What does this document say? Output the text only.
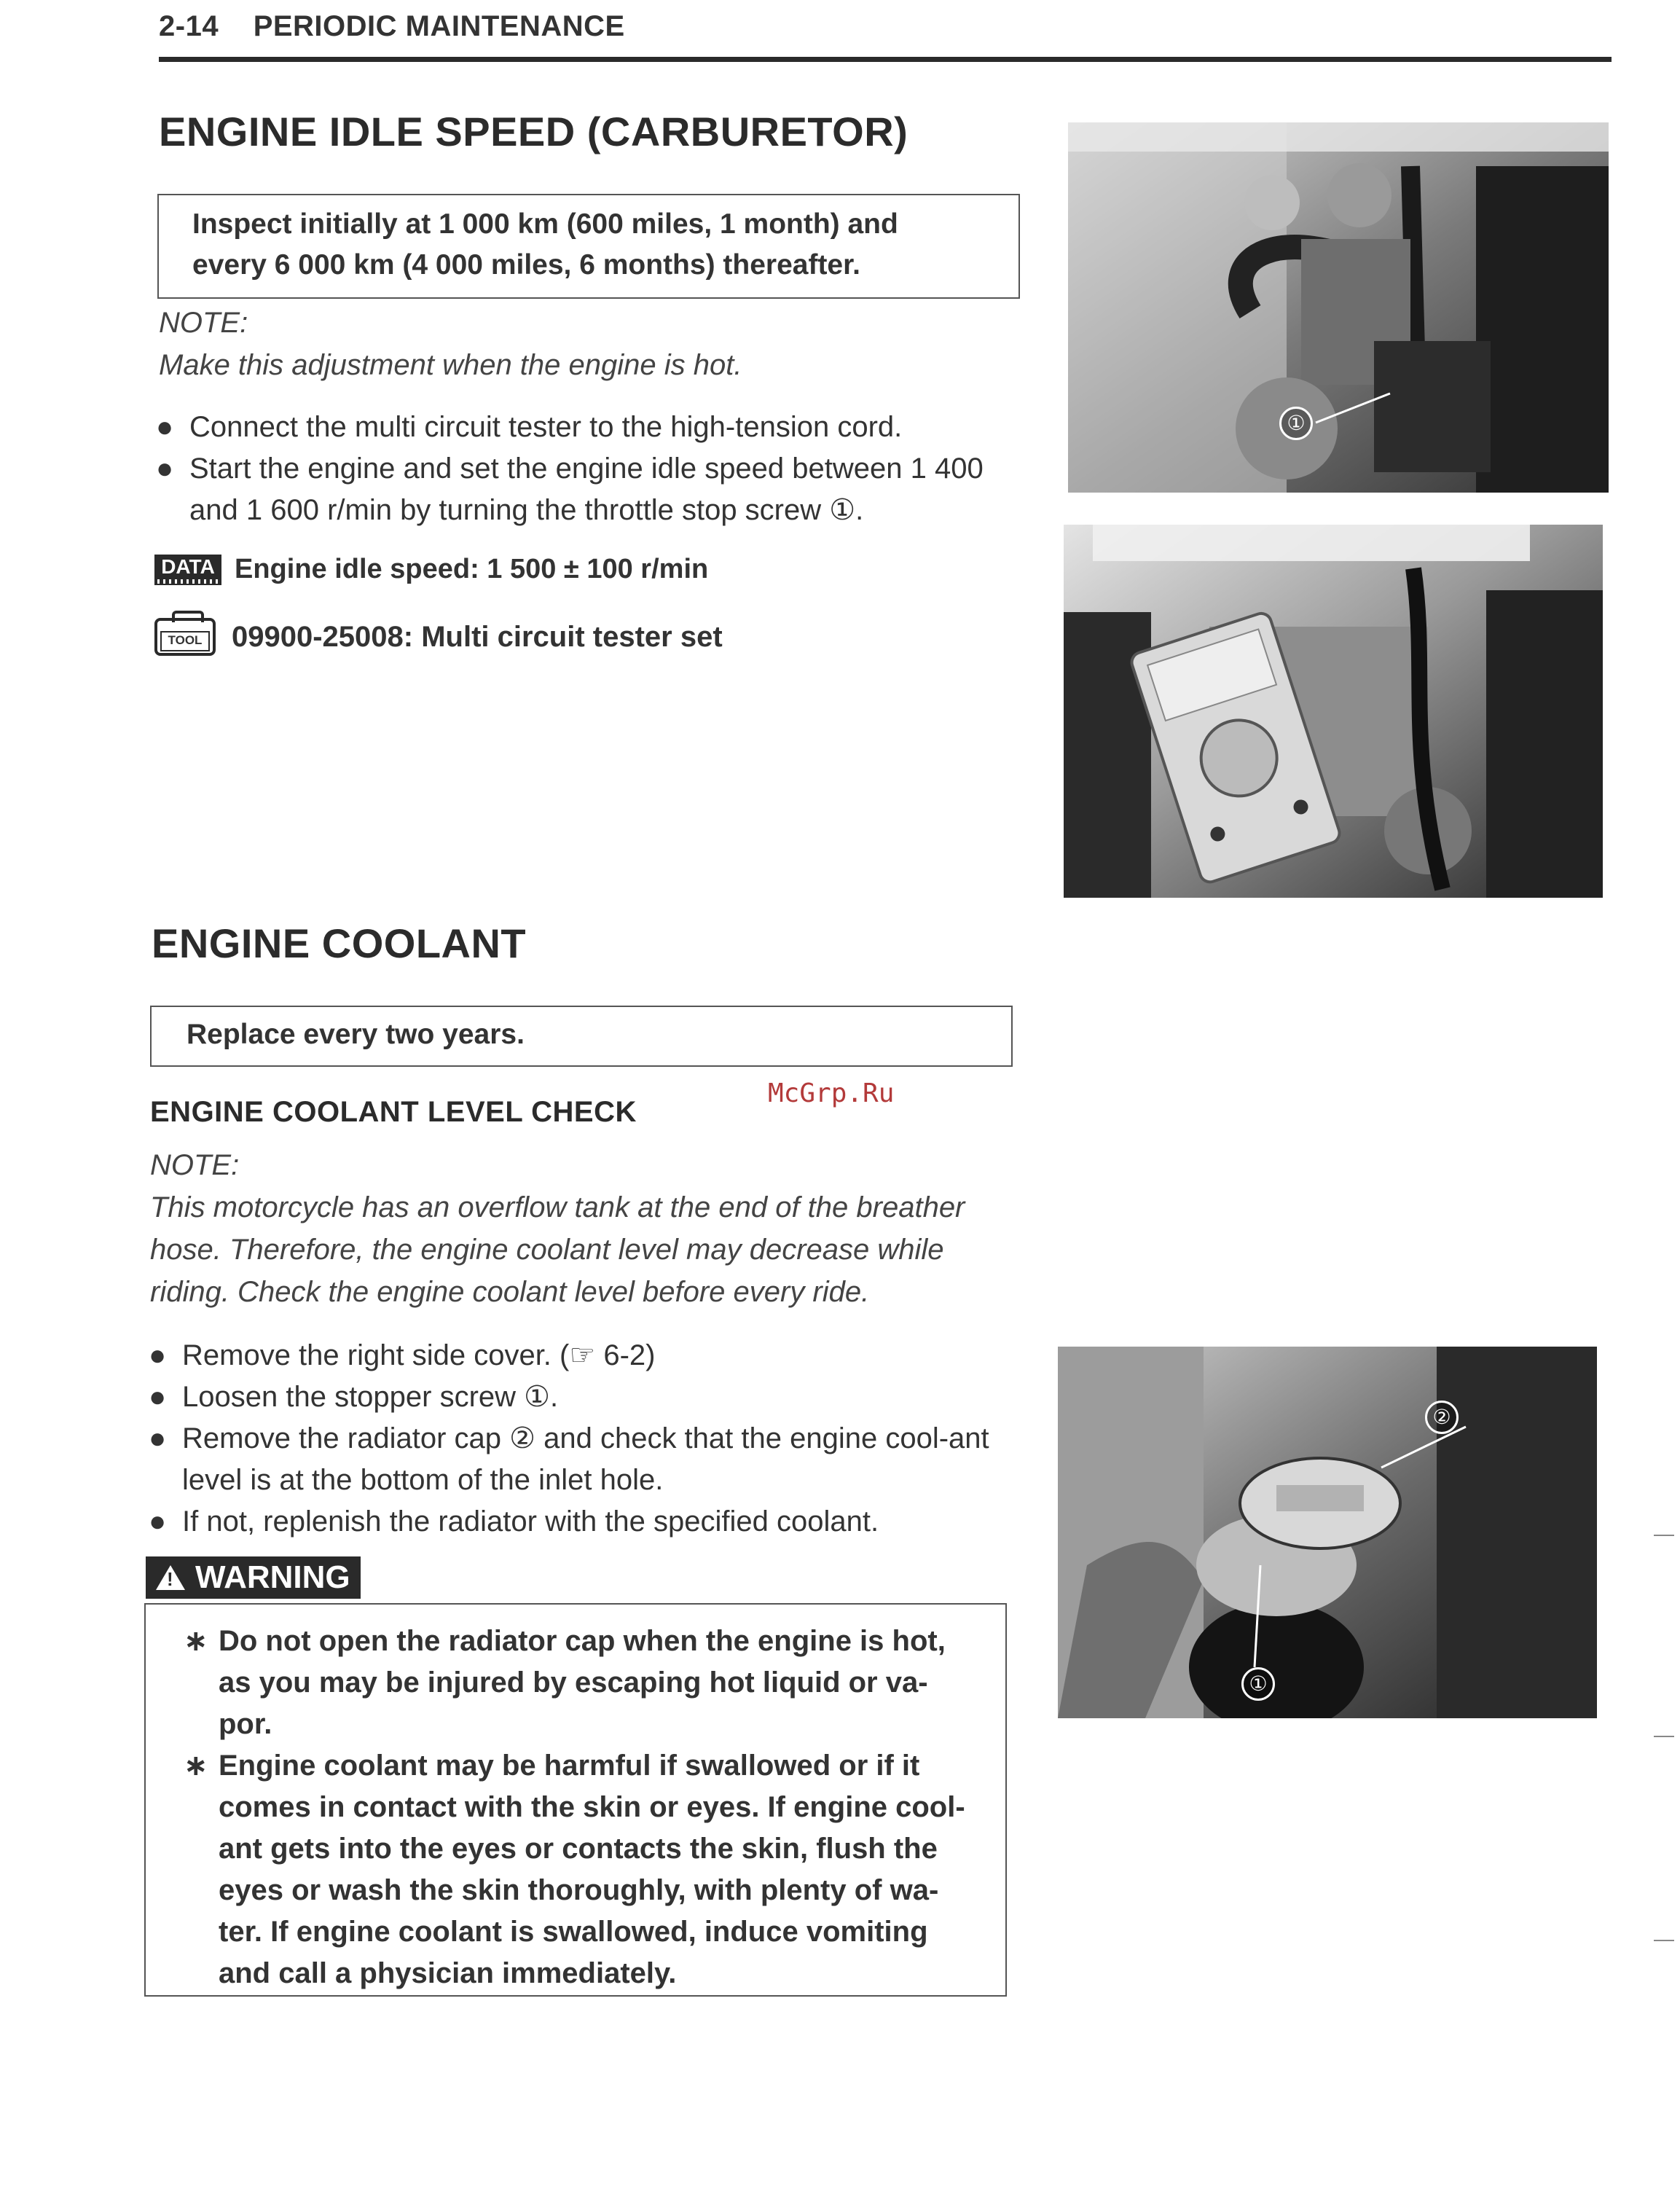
2-14 PERIODIC MAINTENANCE
ENGINE IDLE SPEED (CARBURETOR)
Inspect initially at 1 000 km (600 miles, 1 month) and
every 6 000 km (4 000 miles, 6 months) thereafter.
NOTE:
Make this adjustment when the engine is hot.
● Connect the multi circuit tester to the high-tension cord.
● Start the engine and set the engine idle speed between 1 400 and 1 600 r/min by turning the throttle stop screw ①.
DATA Engine idle speed: 1 500 ± 100 r/min
TOOL 09900-25008: Multi circuit tester set
①
ENGINE COOLANT
Replace every two years.
ENGINE COOLANT LEVEL CHECK
McGrp.Ru
NOTE:
This motorcycle has an overflow tank at the end of the breather
hose. Therefore, the engine coolant level may decrease while
riding. Check the engine coolant level before every ride.
● Remove the right side cover. (☞ 6-2)
● Loosen the stopper screw ①.
● Remove the radiator cap ② and check that the engine cool-ant level is at the bottom of the inlet hole.
● If not, replenish the radiator with the specified coolant.
!
WARNING
∗ Do not open the radiator cap when the engine is hot, as you may be injured by escaping hot liquid or va-por.
∗ Engine coolant may be harmful if swallowed or if it comes in contact with the skin or eyes. If engine cool-ant gets into the eyes or contacts the skin, flush the eyes or wash the skin thoroughly, with plenty of wa-ter. If engine coolant is swallowed, induce vomiting and call a physician immediately.
①
②
